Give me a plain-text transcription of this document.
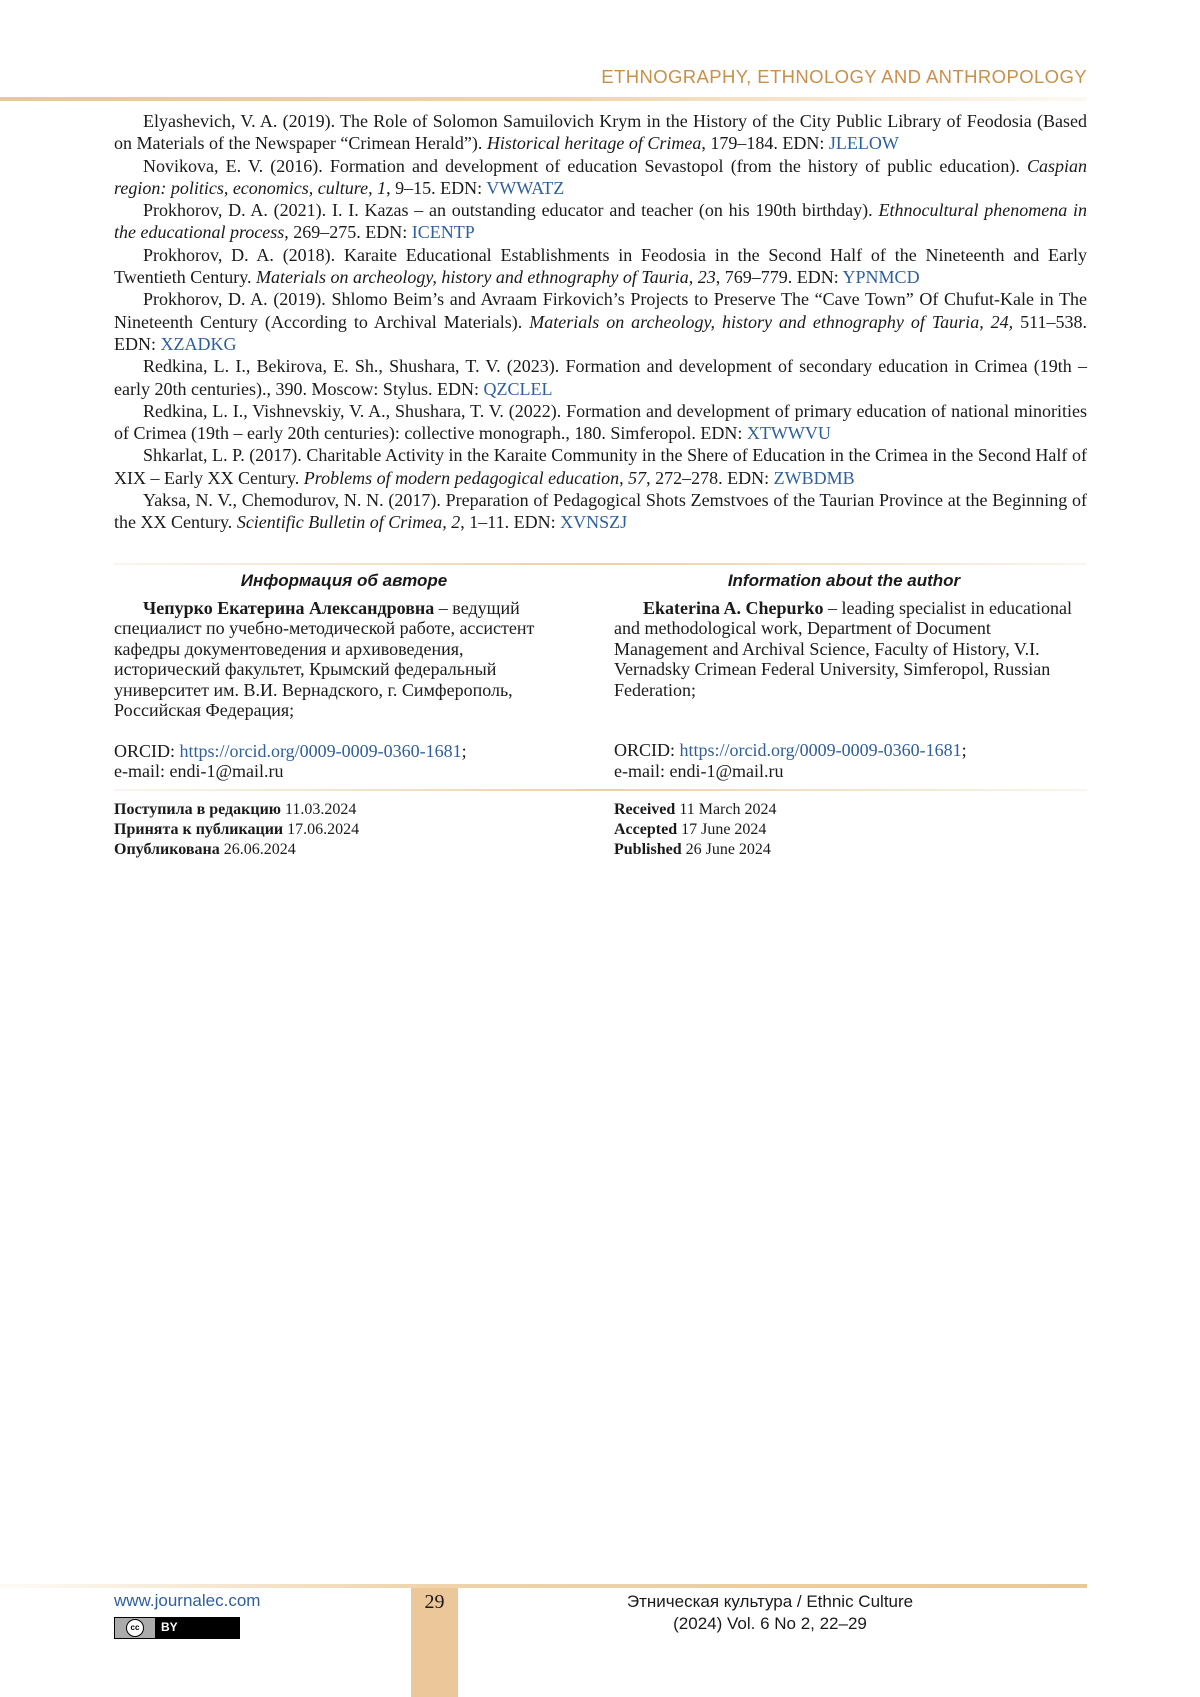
ETHNOGRAPHY, ETHNOLOGY AND ANTHROPOLOGY

Elyashevich, V. A. (2019). The Role of Solomon Samuilovich Krym in the History of the City Public Library of Feodosia (Based on Materials of the Newspaper “Crimean Herald”). Historical heritage of Crimea, 179–184. EDN: JLELOW

Novikova, E. V. (2016). Formation and development of education Sevastopol (from the history of public education). Caspian region: politics, economics, culture, 1, 9–15. EDN: VWWATZ

Prokhorov, D. A. (2021). I. I. Kazas – an outstanding educator and teacher (on his 190th birthday). Ethnocultural phenomena in the educational process, 269–275. EDN: ICENTP

Prokhorov, D. A. (2018). Karaite Educational Establishments in Feodosia in the Second Half of the Nineteenth and Early Twentieth Century. Materials on archeology, history and ethnography of Tauria, 23, 769–779. EDN: YPNMCD

Prokhorov, D. A. (2019). Shlomo Beim’s and Avraam Firkovich’s Projects to Preserve The “Cave Town” Of Chufut-Kale in The Nineteenth Century (According to Archival Materials). Materials on archeology, history and ethnography of Tauria, 24, 511–538. EDN: XZADKG

Redkina, L. I., Bekirova, E. Sh., Shushara, T. V. (2023). Formation and development of secondary education in Crimea (19th – early 20th centuries)., 390. Moscow: Stylus. EDN: QZCLEL

Redkina, L. I., Vishnevskiy, V. A., Shushara, T. V. (2022). Formation and development of primary education of national minorities of Crimea (19th – early 20th centuries): collective monograph., 180. Simferopol. EDN: XTWWVU

Shkarlat, L. P. (2017). Charitable Activity in the Karaite Community in the Shere of Education in the Crimea in the Second Half of XIX – Early XX Century. Problems of modern pedagogical education, 57, 272–278. EDN: ZWBDMB

Yaksa, N. V., Chemodurov, N. N. (2017). Preparation of Pedagogical Shots Zemstvoes of the Taurian Province at the Beginning of the XX Century. Scientific Bulletin of Crimea, 2, 1–11. EDN: XVNSZJ

Информация об авторе

Чепурко Екатерина Александровна – ведущий специалист по учебно-методической работе, ассистент кафедры документоведения и архивоведения, исторический факультет, Крымский федеральный университет им. В.И. Вернадского, г. Симферополь, Российская Федерация;

ORCID: https://orcid.org/0009-0009-0360-1681;
e-mail: endi-1@mail.ru
Information about the author

Ekaterina A. Chepurko – leading specialist in educational and methodological work, Department of Document Management and Archival Science, Faculty of History, V.I. Vernadsky Crimean Federal University, Simferopol, Russian Federation;

ORCID: https://orcid.org/0009-0009-0360-1681;
e-mail: endi-1@mail.ru
Поступила в редакцию 11.03.2024
Принята к публикации 17.06.2024
Опубликована 26.06.2024
Received 11 March 2024
Accepted 17 June 2024
Published 26 June 2024
29
www.journalec.com
cc	BY
Этническая культура / Ethnic Culture
(2024) Vol. 6 No 2, 22–29
